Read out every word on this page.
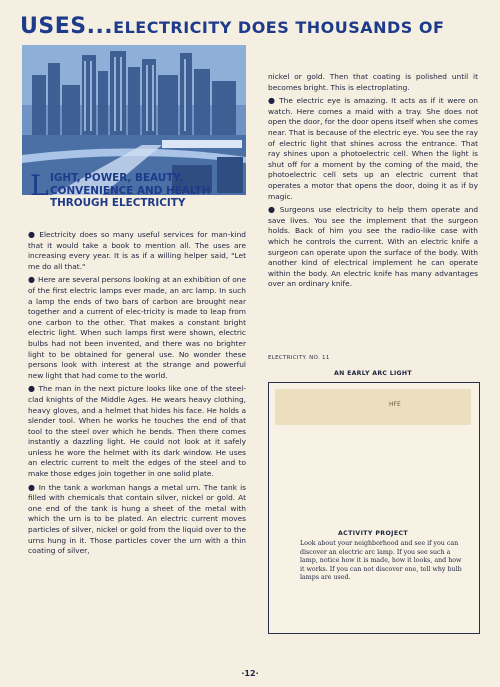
USES...ELECTRICITY DOES THOUSANDS OF
L IGHT, POWER, BEAUTY,
CONVENIENCE AND HEALTH
THROUGH ELECTRICITY

● Electricity does so many useful services for man-kind that it would take a book to mention all. The uses are increasing every year. It is as if a willing helper said, "Let me do all that."

● Here are several persons looking at an exhibition of one of the first electric lamps ever made, an arc lamp. In such a lamp the ends of two bars of carbon are brought near together and a current of elec-tricity is made to leap from one carbon to the other. That makes a constant bright electric light. When such lamps first were shown, electric bulbs had not been invented, and there was no brighter light to be obtained for general use. No wonder these persons look with interest at the strange and powerful new light that had come to the world.

● The man in the next picture looks like one of the steel-clad knights of the Middle Ages. He wears heavy clothing, heavy gloves, and a helmet that hides his face. He holds a slender tool. When he works he touches the end of that tool to the steel over which he bends. Then there comes instantly a dazzling light. He could not look at it safely unless he wore the helmet with its dark window. He uses an electric current to melt the edges of the steel and to make those edges join together in one solid plate.

● In the tank a workman hangs a metal urn. The tank is filled with chemicals that contain silver, nickel or gold. At one end of the tank is hung a sheet of the metal with which the urn is to be plated. An electric current moves particles of silver, nickel or gold from the liquid over to the urns hung in it. Those particles cover the urn with a thin coating of silver,

nickel or gold. Then that coating is polished until it becomes bright. This is electroplating.

● The electric eye is amazing. It acts as if it were on watch. Here comes a maid with a tray. She does not open the door, for the door opens itself when she comes near. That is because of the electric eye. You see the ray of electric light that shines across the entrance. That ray shines upon a photoelectric cell. When the light is shut off for a moment by the coming of the maid, the photoelectric cell sets up an electric current that operates a motor that opens the door, doing it as if by magic.

● Surgeons use electricity to help them operate and save lives. You see the implement that the surgeon holds. Back of him you see the radio-like case with which he controls the current. With an electric knife a surgeon can operate upon the surface of the body. With another kind of electrical implement he can operate within the body. An electric knife has many advantages over an ordinary knife.

ELECTRICITY. NO. 11
AN EARLY ARC LIGHT
HFE
ACTIVITY PROJECT
Look about your neighborhood and see if you can discover an electric arc lamp. If you see such a lamp, notice how it is made, how it looks, and how it works. If you can not discover one, tell why bulb lamps are used.
·12·
